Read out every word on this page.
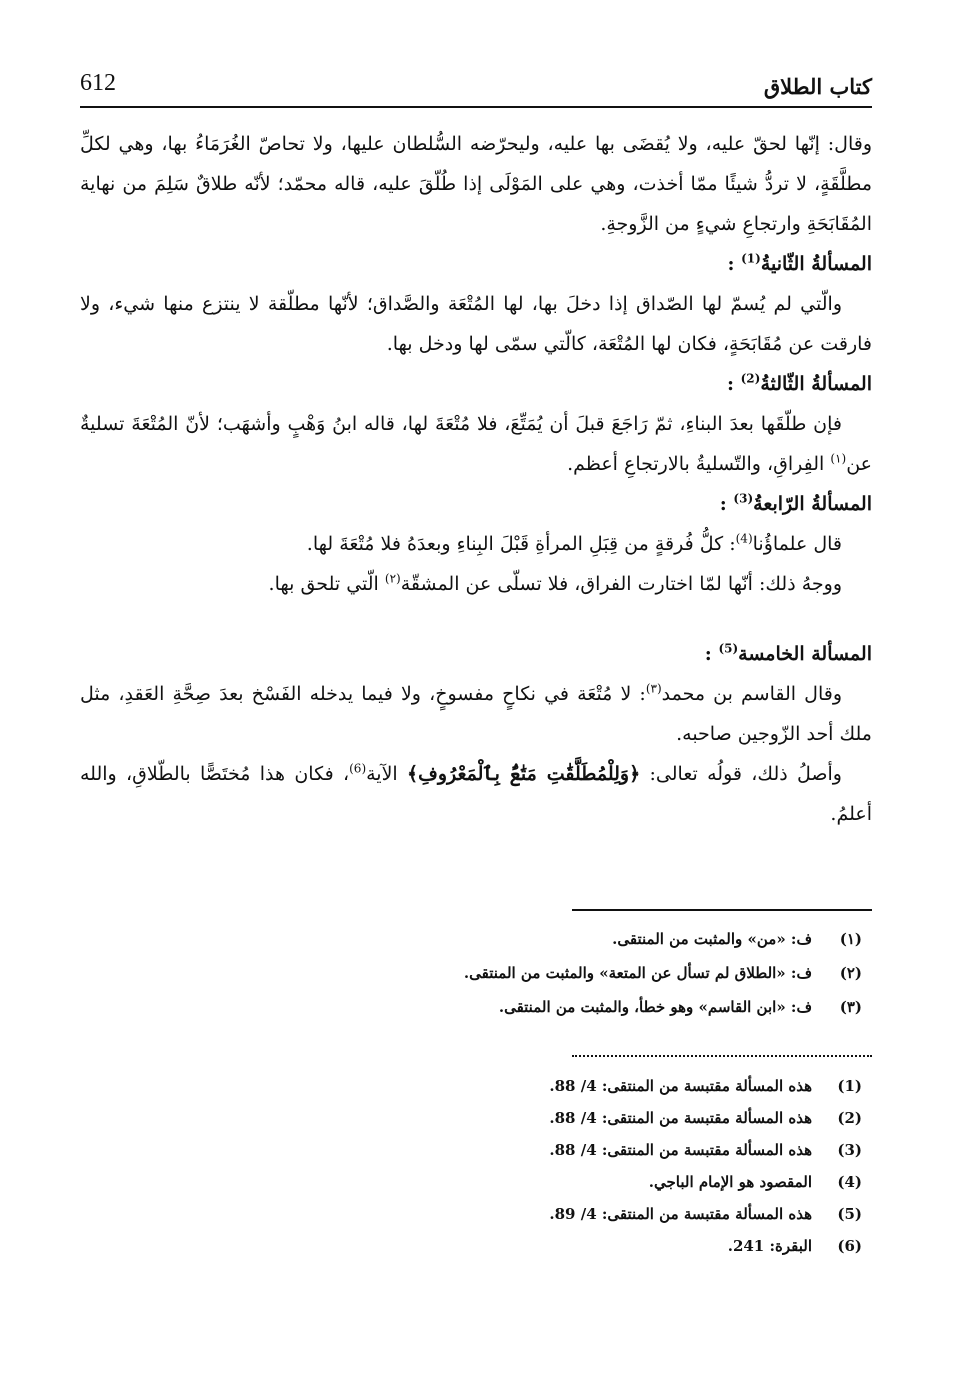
612	كتاب الطلاق

وقال: إنّها لحقّ عليه، ولا يُقضَى بها عليه، وليحرّضه السُّلطان عليها، ولا تحاصّ الغُرَمَاءُ بها، وهي لكلِّ مطلَّقَةٍ، لا تردُّ شيئًا ممّا أخذت، وهي على المَوْلَى إذا طُلّقَ عليه، قاله محمّد؛ لأنّه طلاقٌ سَلِمَ من نهاية المُقَابَحَةِ وارتجاعِ شيءٍ من الزَّوجةِ.

المسألةُ الثّانيةُ$^{(1)}$ :

والّتي لم يُسمّ لها الصّداق إذا دخلَ بها، لها المُتْعَة والصَّداق؛ لأنّها مطلّقة لا ينتزع منها شيء، ولا فارقت عن مُقَابَحَةٍ، فكان لها المُتْعَة، كالّتي سمّى لها ودخل بها.

المسألةُ الثّالثةُ$^{(2)}$ :

فإن طلّقَها بعدَ البناءِ، ثمّ رَاجَعَ قبلَ أن يُمَتِّعَ، فلا مُتْعَةَ لها، قاله ابنُ وَهْبٍ وأشهَب؛ لأنّ المُتْعَةَ تسليةٌ عن$^{(١)}$ الفِراقِ، والتّسليةُ بالارتجاعِ أعظم.

المسألةُ الرّابعةُ$^{(3)}$ :

قال علماؤُنا$^{(4)}$: كلُّ فُرقةٍ من قِبَلِ المرأةِ قَبْلَ البِناءِ وبعدَهُ فلا مُتْعَةَ لها.

ووجهُ ذلك: أنّها لمّا اختارت الفراق، فلا تسلّى عن المشقّة$^{(٢)}$ الّتي تلحق بها.

المسألة الخامسة$^{(5)}$ :

وقال القاسم بن محمد$^{(٣)}$: لا مُتْعَة في نكاحٍ مفسوخٍ، ولا فيما يدخله الفَسْخ بعدَ صِحَّةِ العَقدِ، مثل ملك أحد الزّوجين صاحبه.

وأصلُ ذلك، قولُه تعالى: ﴿وَلِلْمُطَلَّقَٰتِ مَتَٰعٌۢ بِٱلْمَعْرُوفِ﴾ الآية$^{(6)}$، فكان هذا مُختَصًّا بالطّلاقِ، والله أعلمُ.

(١)
ف: «من» والمثبت من المنتقى.
(٢)
ف: «الطلاق لم تسأل عن المتعة» والمثبت من المنتقى.
(٣)
ف: «ابن القاسم» وهو خطأ، والمثبت من المنتقى.
(1)
هذه المسألة مقتبسة من المنتقى: 4/ 88.
(2)
هذه المسألة مقتبسة من المنتقى: 4/ 88.
(3)
هذه المسألة مقتبسة من المنتقى: 4/ 88.
(4)
المقصود هو الإمام الباجي.
(5)
هذه المسألة مقتبسة من المنتقى: 4/ 89.
(6)
البقرة: 241.
